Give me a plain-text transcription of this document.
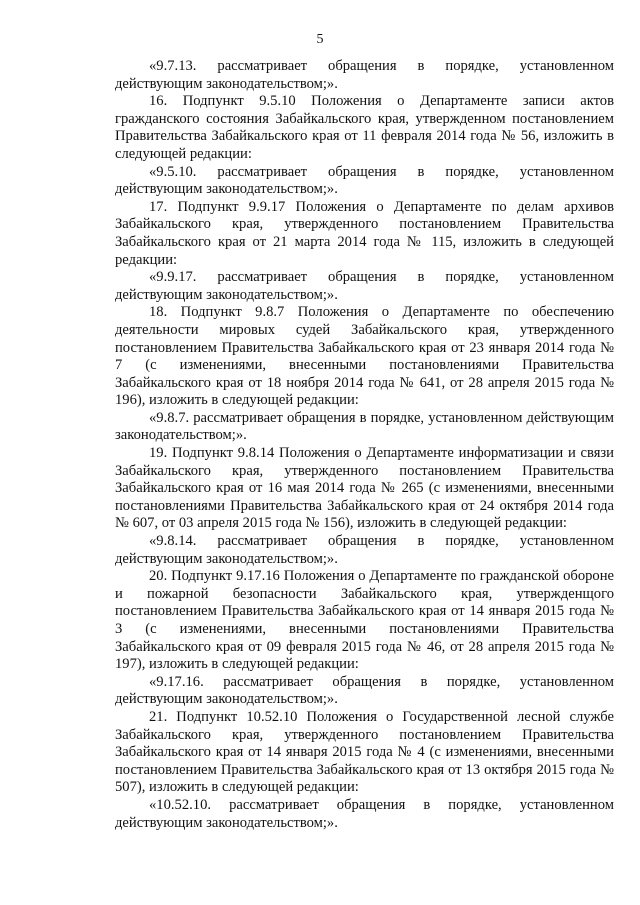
5

«9.7.13. рассматривает обращения в порядке, установленном действующим законодательством;».

16. Подпункт 9.5.10 Положения о Департаменте записи актов гражданского состояния Забайкальского края, утвержденном постановлением Правительства Забайкальского края от 11 февраля 2014 года № 56, изложить в следующей редакции:

«9.5.10. рассматривает обращения в порядке, установленном действующим законодательством;».

17. Подпункт 9.9.17 Положения о Департаменте по делам архивов Забайкальского края, утвержденного постановлением Правительства Забайкальского края от 21 марта 2014 года № 115, изложить в следующей редакции:

«9.9.17. рассматривает обращения в порядке, установленном действующим законодательством;».

18. Подпункт 9.8.7 Положения о Департаменте по обеспечению деятельности мировых судей Забайкальского края, утвержденного постановлением Правительства Забайкальского края от 23 января 2014 года № 7 (с изменениями, внесенными постановлениями Правительства Забайкальского края от 18 ноября 2014 года № 641, от 28 апреля 2015 года № 196), изложить в следующей редакции:

«9.8.7. рассматривает обращения в порядке, установленном действующим законодательством;».

19. Подпункт 9.8.14 Положения о Департаменте информатизации и связи Забайкальского края, утвержденного постановлением Правительства Забайкальского края от 16 мая 2014 года № 265 (с изменениями, внесенными постановлениями Правительства Забайкальского края от 24 октября 2014 года № 607, от 03 апреля 2015 года № 156), изложить в следующей редакции:

«9.8.14. рассматривает обращения в порядке, установленном действующим законодательством;».

20. Подпункт 9.17.16 Положения о Департаменте по гражданской обороне и пожарной безопасности Забайкальского края, утвержденщого постановлением Правительства Забайкальского края от 14 января 2015 года № 3 (с изменениями, внесенными постановлениями Правительства Забайкальского края от 09 февраля 2015 года № 46, от 28 апреля 2015 года № 197), изложить в следующей редакции:

«9.17.16. рассматривает обращения в порядке, установленном действующим законодательством;».

21. Подпункт 10.52.10 Положения о Государственной лесной службе Забайкальского края, утвержденного постановлением Правительства Забайкальского края от 14 января 2015 года № 4 (с изменениями, внесенными постановлением Правительства Забайкальского края от 13 октября 2015 года № 507), изложить в следующей редакции:

«10.52.10. рассматривает обращения в порядке, установленном действующим законодательством;».
